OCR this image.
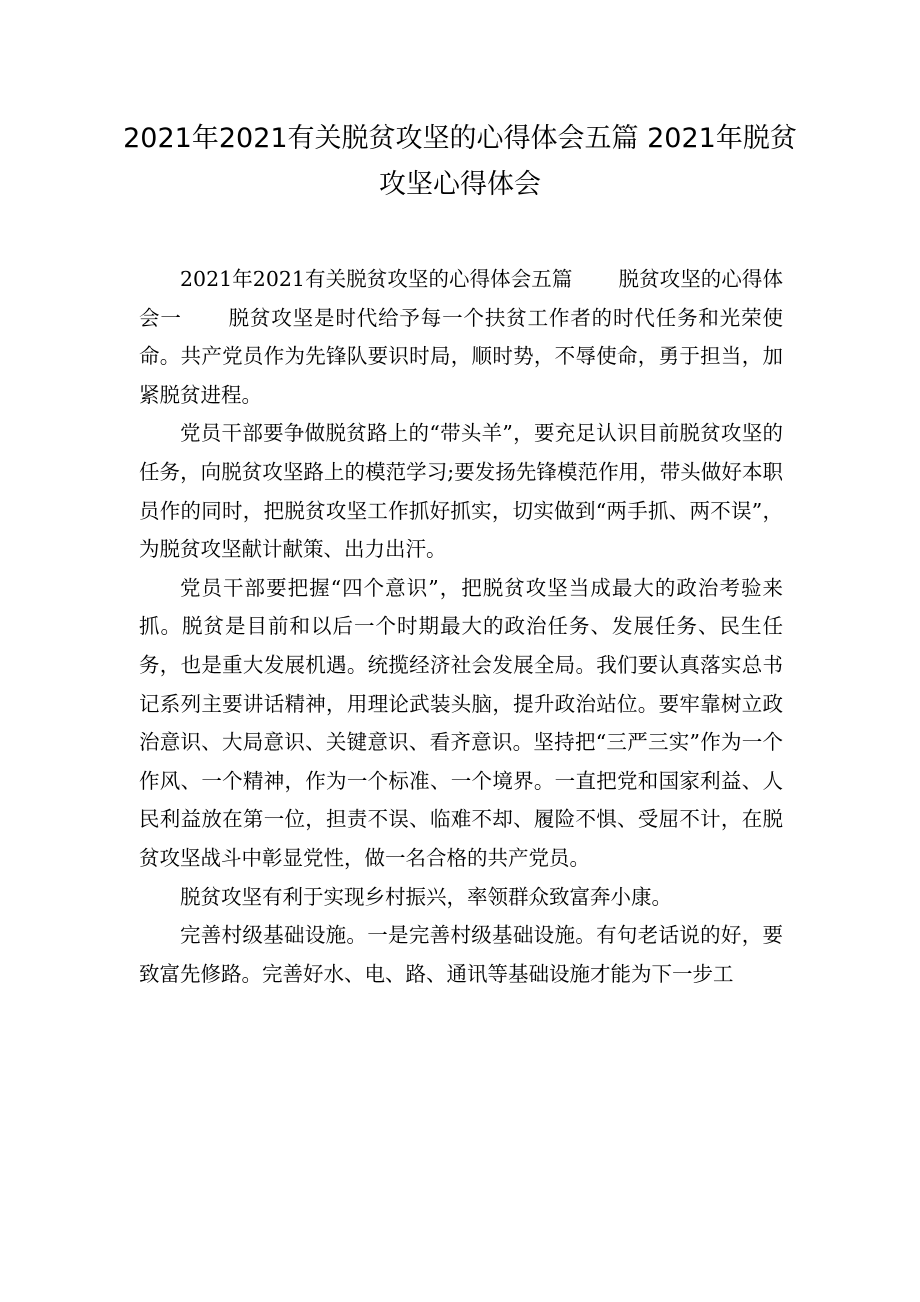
2021年2021有关脱贫攻坚的心得体会五篇 2021年脱贫攻坚心得体会

2021年2021有关脱贫攻坚的心得体会五篇 脱贫攻坚的心得体会一 脱贫攻坚是时代给予每一个扶贫工作者的时代任务和光荣使命。共产党员作为先锋队要识时局，顺时势，不辱使命，勇于担当，加紧脱贫进程。

党员干部要争做脱贫路上的“带头羊”，要充足认识目前脱贫攻坚的任务，向脱贫攻坚路上的模范学习;要发扬先锋模范作用，带头做好本职员作的同时，把脱贫攻坚工作抓好抓实，切实做到“两手抓、两不误”，为脱贫攻坚献计献策、出力出汗。

党员干部要把握“四个意识”，把脱贫攻坚当成最大的政治考验来抓。脱贫是目前和以后一个时期最大的政治任务、发展任务、民生任务，也是重大发展机遇。统揽经济社会发展全局。我们要认真落实总书记系列主要讲话精神，用理论武装头脑，提升政治站位。要牢靠树立政治意识、大局意识、关键意识、看齐意识。坚持把“三严三实”作为一个作风、一个精神，作为一个标准、一个境界。一直把党和国家利益、人民利益放在第一位，担责不误、临难不却、履险不惧、受屈不计，在脱贫攻坚战斗中彰显党性，做一名合格的共产党员。

脱贫攻坚有利于实现乡村振兴，率领群众致富奔小康。

完善村级基础设施。一是完善村级基础设施。有句老话说的好，要致富先修路。完善好水、电、路、通讯等基础设施才能为下一步工
